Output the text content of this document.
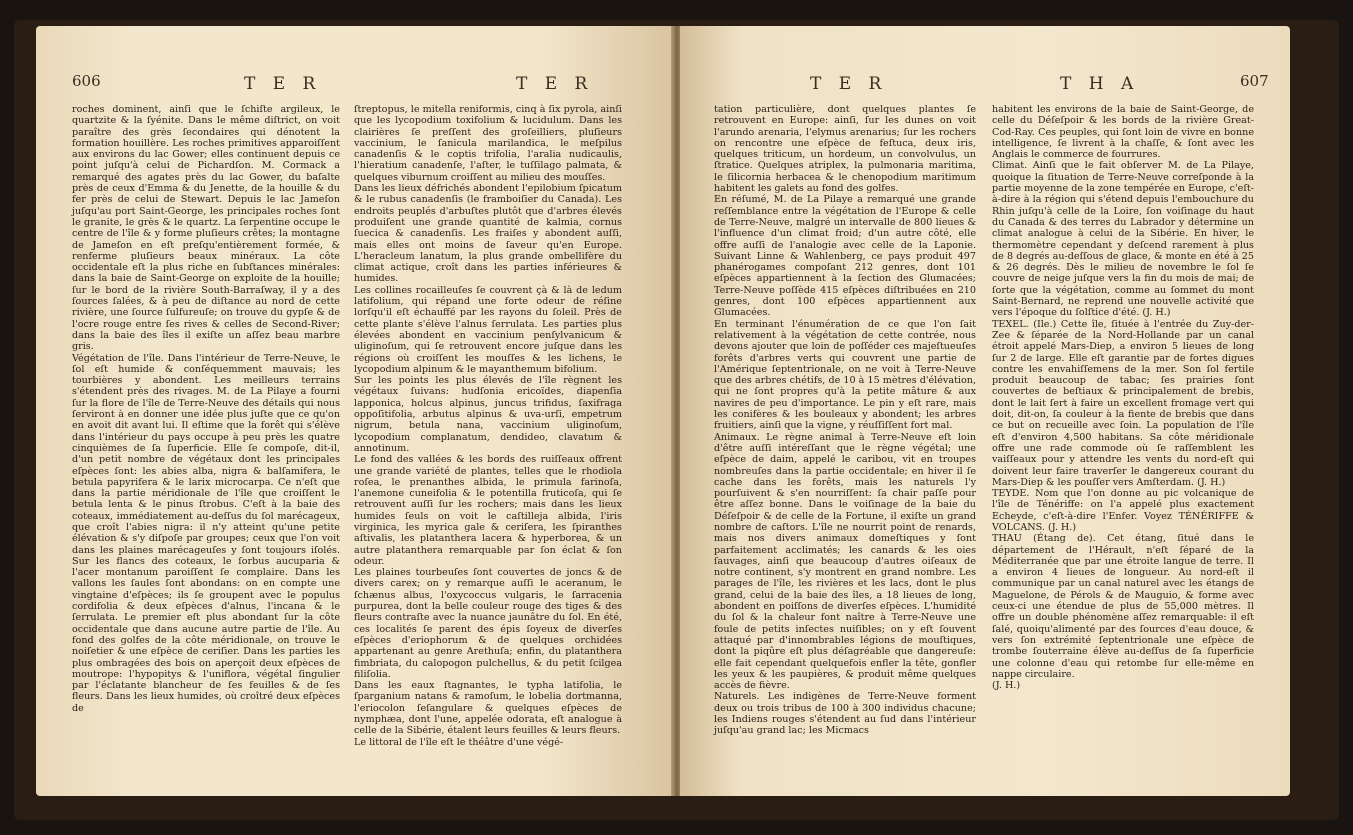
606	T E R	T E R
roches dominent, ainſi que le ſchiſte argileux, le quartzite & la ſyénite. Dans le même diſtrict, on voit paraître des grès ſecondaires qui dénotent la formation houillère. Les roches primitives apparoiſſent aux environs du lac Gower; elles continuent depuis ce point juſqu'à celui de Pichardſon. M. Cormack a remarqué des agates près du lac Gower, du baſalte près de ceux d'Emma & du Jenette, de la houille & du fer près de celui de Stewart. Depuis le lac Jameſon juſqu'au port Saint-George, les principales roches ſont le granite, le grès & le quartz. La ſerpentine occupe le centre de l'île & y forme pluſieurs crêtes; la montagne de Jameſon en eſt preſqu'entièrement formée, & renferme pluſieurs beaux minéraux. La côte occidentale eſt la plus riche en ſubſtances minérales: dans la baie de Saint-George on exploite de la houille; ſur le bord de la rivière South-Barraſway, il y a des ſources ſalées, & à peu de diſtance au nord de cette rivière, une ſource ſulfureuſe; on trouve du gypſe & de l'ocre rouge entre ſes rives & celles de Second-River; dans la baie des îles il exiſte un aſſez beau marbre gris.
Végétation de l'île. Dans l'intérieur de Terre-Neuve, le ſol eſt humide & conſéquemment mauvais; les tourbières y abondent. Les meilleurs terrains s'étendent près des rivages. M. de La Pilaye a fourni ſur la flore de l'île de Terre-Neuve des détails qui nous ſerviront à en donner une idée plus juſte que ce qu'on en avoit dit avant lui. Il eſtime que la forêt qui s'élève dans l'intérieur du pays occupe à peu près les quatre cinquièmes de ſa ſuperficie. Elle ſe compoſe, dit-il, d'un petit nombre de végétaux dont les principales eſpèces ſont: les abies alba, nigra & balſamifera, le betula papyrifera & le larix microcarpa. Ce n'eſt que dans la partie méridionale de l'île que croiſſent le betula lenta & le pinus ſtrobus. C'eſt à la baie des coteaux, immédiatement au-deſſus du ſol marécageux, que croît l'abies nigra: il n'y atteint qu'une petite élévation & s'y diſpoſe par groupes; ceux que l'on voit dans les plaines marécageuſes y ſont toujours iſolés. Sur les flancs des coteaux, le ſorbus aucuparia & l'acer montanum paroiſſent ſe complaire. Dans les vallons les ſaules ſont abondans: on en compte une vingtaine d'eſpèces; ils ſe groupent avec le populus cordifolia & deux eſpèces d'alnus, l'incana & le ſerrulata. Le premier eſt plus abondant ſur la côte occidentale que dans aucune autre partie de l'île. Au fond des golfes de la côte méridionale, on trouve le noiſetier & une eſpèce de ceriſier. Dans les parties les plus ombragées des bois on aperçoit deux eſpèces de moutrope: l'hypopitys & l'uniflora, végétal ſingulier par l'éclatante blancheur de ſes feuilles & de ſes fleurs. Dans les lieux humides, où croîtré deux eſpèces de
ſtreptopus, le mitella reniformis, cinq à ſix pyrola, ainſi que les lycopodium toxifolium & lucidulum. Dans les clairières ſe preſſent des groſeilliers, pluſieurs vaccinium, le ſanicula marilandica, le meſpilus canadenſis & le coptis trifolia, l'aralia nudicaulis, l'hieratium canadenſe, l'aſter, le tuſſilago palmata, & quelques viburnum croiſſent au milieu des mouſſes.
Dans les lieux défrichés abondent l'epilobium ſpicatum & le rubus canadenſis (le framboiſier du Canada). Les endroits peuplés d'arbuſtes plutôt que d'arbres élevés produiſent une grande quantité de kalmia, cornus ſuecica & canadenſis. Les fraiſes y abondent auſſi, mais elles ont moins de ſaveur qu'en Europe. L'heracleum lanatum, la plus grande ombellifère du climat actique, croît dans les parties inférieures & humides.
Les collines rocailleuſes ſe couvrent çà & là de ledum latifolium, qui répand une forte odeur de réſine lorſqu'il eſt échauffé par les rayons du ſoleil. Près de cette plante s'élève l'alnus ſerrulata. Les parties plus élevées abondent en vaccinium penſylvanicum & uliginoſum, qui ſe retrouvent encore juſque dans les régions où croiſſent les mouſſes & les lichens, le lycopodium alpinum & le mayanthemum bifolium.
Sur les points les plus élevés de l'île règnent les végétaux ſuivans: hudſonia ericoïdes, diapenſia lapponica, holcus alpinus, juncus trifidus, ſaxifraga oppoſitifolia, arbutus alpinus & uva-urſi, empetrum nigrum, betula nana, vaccinium uliginoſum, lycopodium complanatum, dendideo, clavatum & annotinum.
Le fond des vallées & les bords des ruiſſeaux offrent une grande variété de plantes, telles que le rhodiola roſea, le prenanthes albida, le primula farinoſa, l'anemone cuneifolia & le potentilla fruticoſa, qui ſe retrouvent auſſi ſur les rochers; mais dans les lieux humides ſeuls on voit le caſtilleja albida, l'iris virginica, les myrica gale & ceriſera, les ſpiranthes aſtivalis, les platanthera lacera & hyperborea, & un autre platanthera remarquable par ſon éclat & ſon odeur.
Les plaines tourbeuſes ſont couvertes de joncs & de divers carex; on y remarque auſſi le aceranum, le ſchænus albus, l'oxycoccus vulgaris, le ſarracenia purpurea, dont la belle couleur rouge des tiges & des fleurs contraſte avec la nuance jaunâtre du ſol. En été, ces localités ſe parent des épis ſoyeux de diverſes eſpèces d'eriophorum & de quelques orchidées appartenant au genre Arethuſa; enfin, du platanthera fimbriata, du calopogon pulchellus, & du petit ſcilgea filiſolia.
Dans les eaux ſtagnantes, le typha latifolia, le ſparganium natans & ramoſum, le lobelia dortmanna, l'eriocolon ſeſangulare & quelques eſpèces de nymphæa, dont l'une, appelée odorata, eſt analogue à celle de la Sibérie, étalent leurs feuilles & leurs fleurs.
Le littoral de l'île eſt le théâtre d'une végé-
T E R	T H A	607
tation particulière, dont quelques plantes ſe retrouvent en Europe: ainſi, ſur les dunes on voit l'arundo arenaria, l'elymus arenarius; ſur les rochers on rencontre une eſpèce de feſtuca, deux iris, quelques triticum, un hordeum, un convolvulus, un ſtratice. Quelques atriplex, la pulmonaria maritima, le ſilicornia herbacea & le chenopodium maritimum habitent les galets au fond des golfes.
En réſumé, M. de La Pilaye a remarqué une grande reſſemblance entre la végétation de l'Europe & celle de Terre-Neuve, malgré un intervalle de 800 lieues & l'influence d'un climat froid; d'un autre côté, elle offre auſſi de l'analogie avec celle de la Laponie. Suivant Linne & Wahlenberg, ce pays produit 497 phanérogames compoſant 212 genres, dont 101 eſpèces appartiennent à la ſection des Glumacées; Terre-Neuve poſſède 415 eſpèces diſtribuées en 210 genres, dont 100 eſpèces appartiennent aux Glumacées.
En terminant l'énumération de ce que l'on ſait relativement à la végétation de cette contrée, nous devons ajouter que loin de poſſéder ces majeſtueuſes forêts d'arbres verts qui couvrent une partie de l'Amérique ſeptentrionale, on ne voit à Terre-Neuve que des arbres chétifs, de 10 à 15 mètres d'élévation, qui ne ſont propres qu'à la petite mâture & aux navires de peu d'importance. Le pin y eſt rare, mais les conifères & les bouleaux y abondent; les arbres fruitiers, ainſi que la vigne, y réuſſiſſent fort mal.
Animaux. Le règne animal à Terre-Neuve eſt loin d'être auſſi intéreſſant que le règne végétal; une eſpèce de daim, appelé le caribou, vit en troupes nombreuſes dans la partie occidentale; en hiver il ſe cache dans les forêts, mais les naturels l'y pourſuivent & s'en nourriſſent: ſa chair paſſe pour être aſſez bonne. Dans le voiſinage de la baie du Déſeſpoir & de celle de la Fortune, il exiſte un grand nombre de caſtors. L'île ne nourrit point de renards, mais nos divers animaux domeſtiques y ſont parfaitement acclimatés; les canards & les oies ſauvages, ainſi que beaucoup d'autres oiſeaux de notre continent, s'y montrent en grand nombre. Les parages de l'île, les rivières et les lacs, dont le plus grand, celui de la baie des îles, a 18 lieues de long, abondent en poiſſons de diverſes eſpèces. L'humidité du ſol & la chaleur font naître à Terre-Neuve une foule de petits inſectes nuiſibles; on y eſt ſouvent attaqué par d'innombrables légions de mouſtiques, dont la piqûre eſt plus déſagréable que dangereuſe: elle fait cependant quelquefois enfler la tête, gonfler les yeux & les paupières, & produit même quelques accès de fièvre.
Naturels. Les indigènes de Terre-Neuve forment deux ou trois tribus de 100 à 300 individus chacune; les Indiens rouges s'étendent au ſud dans l'intérieur juſqu'au grand lac; les Micmacs
habitent les environs de la baie de Saint-George, de celle du Déſeſpoir & les bords de la rivière Great-Cod-Ray. Ces peuples, qui ſont loin de vivre en bonne intelligence, ſe livrent à la chaſſe, & ſont avec les Anglais le commerce de fourrures.
Climat. Ainſi que le fait obſerver M. de La Pilaye, quoique la ſituation de Terre-Neuve correſponde à la partie moyenne de la zone tempérée en Europe, c'eſt-à-dire à la région qui s'étend depuis l'embouchure du Rhin juſqu'à celle de la Loire, ſon voiſinage du haut du Canada & des terres du Labrador y détermine un climat analogue à celui de la Sibérie. En hiver, le thermomètre cependant y deſcend rarement à plus de 8 degrés au-deſſous de glace, & monte en été à 25 & 26 degrés. Dès le milieu de novembre le ſol ſe couvre de neige juſque vers la fin du mois de mai; de ſorte que la végétation, comme au ſommet du mont Saint-Bernard, ne reprend une nouvelle activité que vers l'époque du ſolſtice d'été. (J. H.)
TEXEL. (Ile.) Cette île, ſituée à l'entrée du Zuy-der-Zee & ſéparée de la Nord-Hollande par un canal étroit appelé Mars-Diep, a environ 5 lieues de long ſur 2 de large. Elle eſt garantie par de fortes digues contre les envahiſſemens de la mer. Son ſol fertile produit beaucoup de tabac; ſes prairies ſont couvertes de beſtiaux & principalement de brebis, dont le lait ſert à faire un excellent fromage vert qui doit, dit-on, ſa couleur à la fiente de brebis que dans ce but on recueille avec ſoin. La population de l'île eſt d'environ 4,500 habitans. Sa côte méridionale offre une rade commode où ſe raſſemblent les vaiſſeaux pour y attendre les vents du nord-eſt qui doivent leur faire traverſer le dangereux courant du Mars-Diep & les pouſſer vers Amſterdam. (J. H.)
TEYDE. Nom que l'on donne au pic volcanique de l'île de Ténériffe: on l'a appelé plus exactement Echeyde, c'eſt-à-dire l'Enfer. Voyez TÉNÉRIFFE & VOLCANS. (J. H.)
THAU (Étang de). Cet étang, ſitué dans le département de l'Hérault, n'eſt ſéparé de la Méditerranée que par une étroite langue de terre. Il a environ 4 lieues de longueur. Au nord-eſt il communique par un canal naturel avec les étangs de Maguelone, de Pérols & de Mauguio, & forme avec ceux-ci une étendue de plus de 55,000 mètres. Il offre un double phénomène aſſez remarquable: il eſt ſalé, quoiqu'alimenté par des ſources d'eau douce, & vers ſon extrémité ſeptentrionale une eſpèce de trombe ſouterraine élève au-deſſus de ſa ſuperficie une colonne d'eau qui retombe ſur elle-même en nappe circulaire.
(J. H.)
